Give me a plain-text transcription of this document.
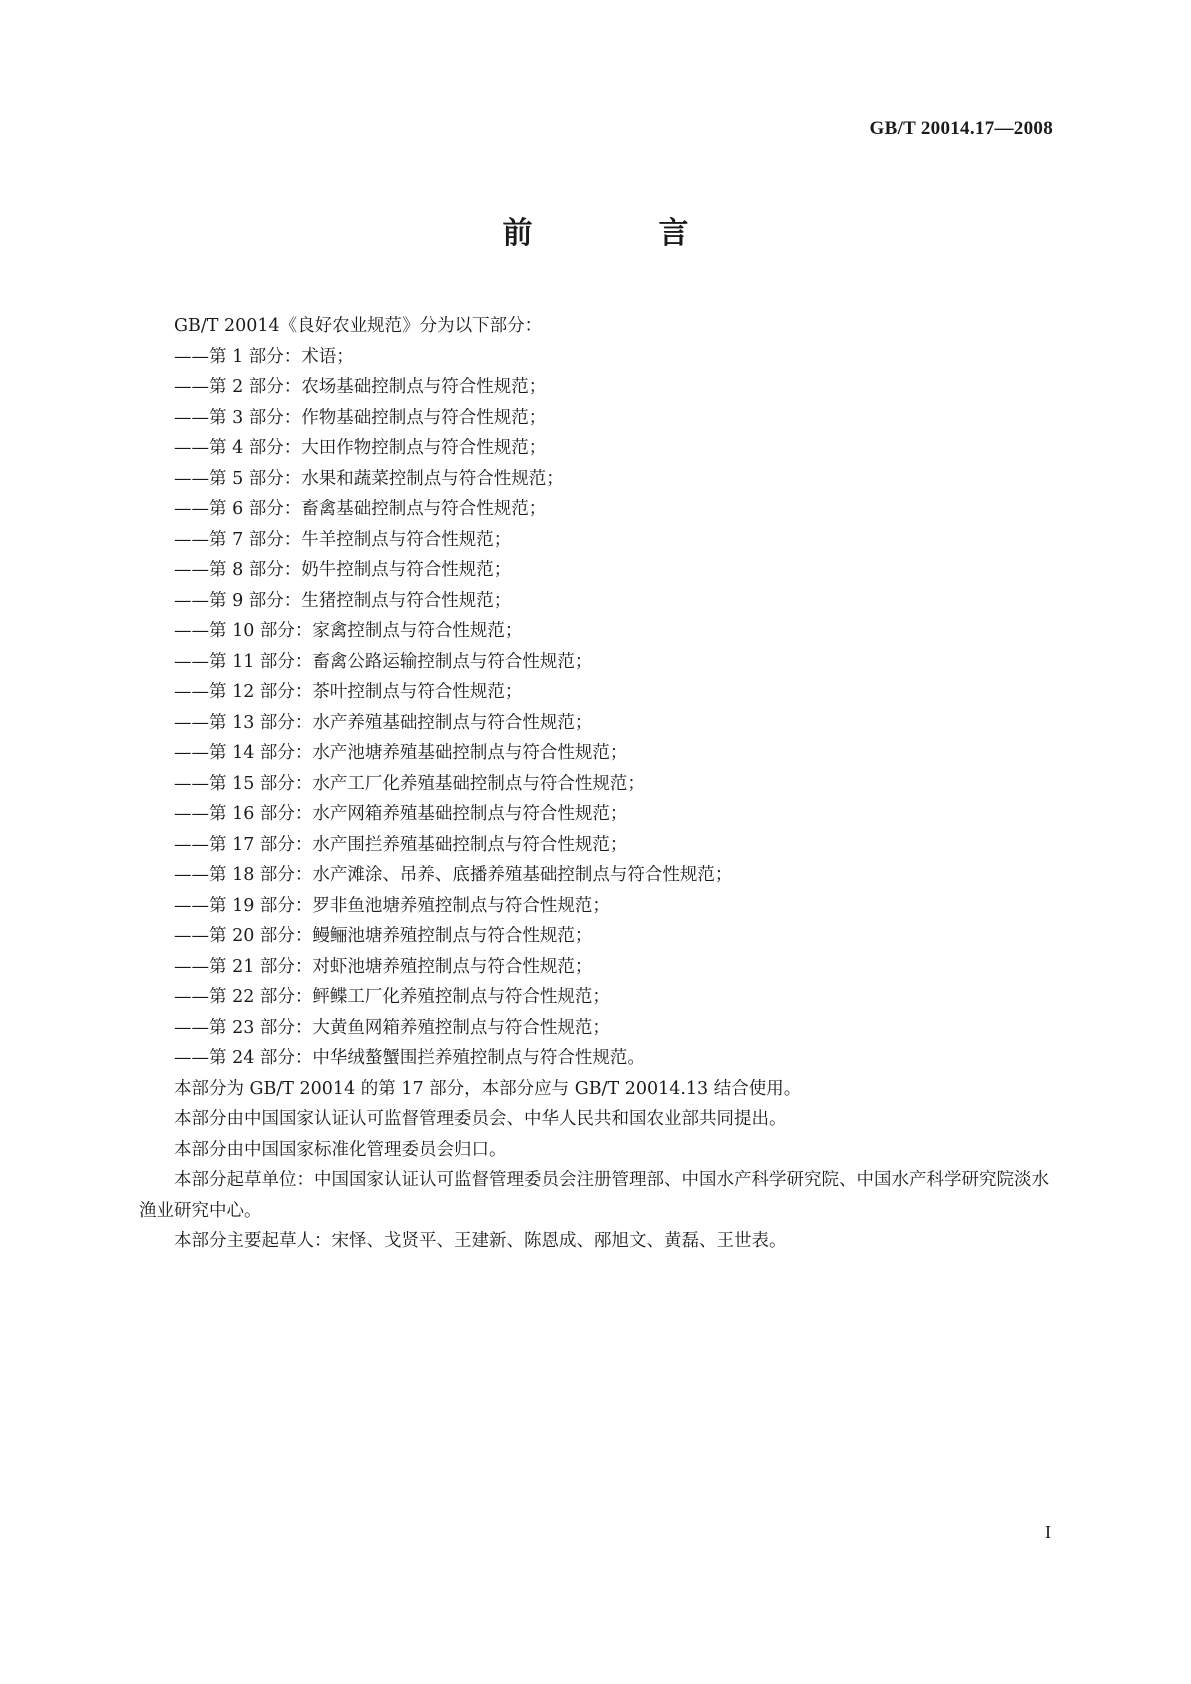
GB/T 20014.17—2008
前　言

GB/T 20014《良好农业规范》分为以下部分：

——第 1 部分：术语；
——第 2 部分：农场基础控制点与符合性规范；
——第 3 部分：作物基础控制点与符合性规范；
——第 4 部分：大田作物控制点与符合性规范；
——第 5 部分：水果和蔬菜控制点与符合性规范；
——第 6 部分：畜禽基础控制点与符合性规范；
——第 7 部分：牛羊控制点与符合性规范；
——第 8 部分：奶牛控制点与符合性规范；
——第 9 部分：生猪控制点与符合性规范；
——第 10 部分：家禽控制点与符合性规范；
——第 11 部分：畜禽公路运输控制点与符合性规范；
——第 12 部分：茶叶控制点与符合性规范；
——第 13 部分：水产养殖基础控制点与符合性规范；
——第 14 部分：水产池塘养殖基础控制点与符合性规范；
——第 15 部分：水产工厂化养殖基础控制点与符合性规范；
——第 16 部分：水产网箱养殖基础控制点与符合性规范；
——第 17 部分：水产围拦养殖基础控制点与符合性规范；
——第 18 部分：水产滩涂、吊养、底播养殖基础控制点与符合性规范；
——第 19 部分：罗非鱼池塘养殖控制点与符合性规范；
——第 20 部分：鳗鲡池塘养殖控制点与符合性规范；
——第 21 部分：对虾池塘养殖控制点与符合性规范；
——第 22 部分：鲆鲽工厂化养殖控制点与符合性规范；
——第 23 部分：大黄鱼网箱养殖控制点与符合性规范；
——第 24 部分：中华绒螯蟹围拦养殖控制点与符合性规范。

本部分为 GB/T 20014 的第 17 部分，本部分应与 GB/T 20014.13 结合使用。

本部分由中国国家认证认可监督管理委员会、中华人民共和国农业部共同提出。

本部分由中国国家标准化管理委员会归口。

本部分起草单位：中国国家认证认可监督管理委员会注册管理部、中国水产科学研究院、中国水产科学研究院淡水渔业研究中心。

本部分主要起草人：宋怿、戈贤平、王建新、陈恩成、邴旭文、黄磊、王世表。

I
